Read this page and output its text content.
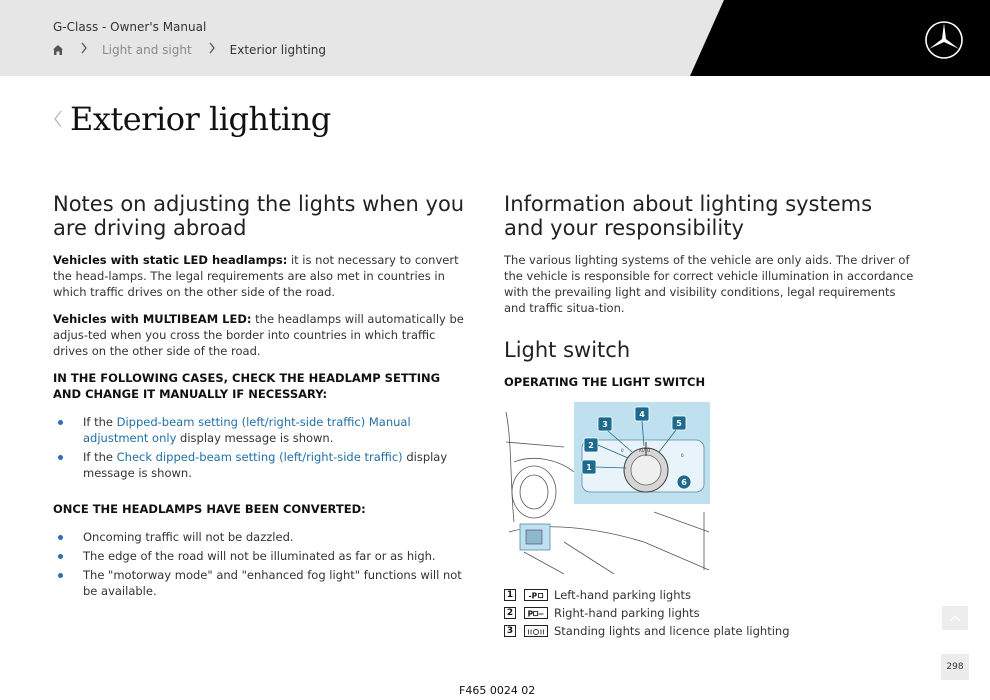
G-Class - Owner's Manual
Light and sight	Exterior lighting
Exterior lighting
Notes on adjusting the lights when you are driving abroad

Vehicles with static LED headlamps: it is not necessary to convert the head-lamps. The legal requirements are also met in countries in which traffic drives on the other side of the road.

Vehicles with MULTIBEAM LED: the headlamps will automatically be adjus-ted when you cross the border into countries in which traffic drives on the other side of the road.

IN THE FOLLOWING CASES, CHECK THE HEADLAMP SETTING AND CHANGE IT MANUALLY IF NECESSARY:
If the Dipped-beam setting (left/right-side traffic) Manual adjustment only display message is shown.
If the Check dipped-beam setting (left/right-side traffic) display message is shown.
ONCE THE HEADLAMPS HAVE BEEN CONVERTED:
Oncoming traffic will not be dazzled.
The edge of the road will not be illuminated as far or as high.
The "motorway mode" and "enhanced fog light" functions will not be available.
Information about lighting systems and your responsibility

The various lighting systems of the vehicle are only aids. The driver of the vehicle is responsible for correct vehicle illumination in accordance with the prevailing light and visibility conditions, legal requirements and traffic situa-tion.

Light switch
OPERATING THE LIGHT SWITCH
AUTO
0
0
1
2
3
4
5
6
1	-P Left-hand parking lights
2	P Right-hand parking lights
3	Standing lights and licence plate lighting
298
F465 0024 02
